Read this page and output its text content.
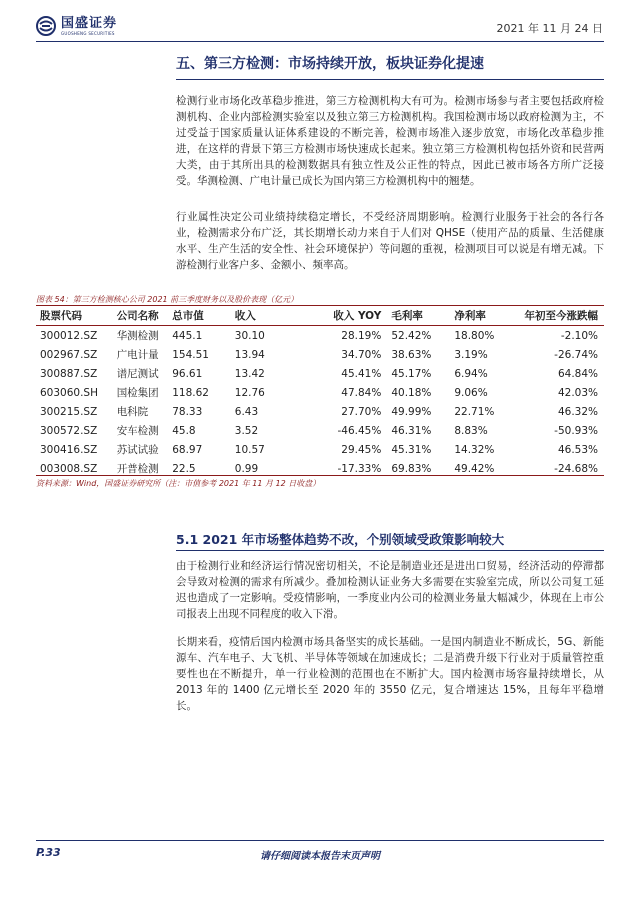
国盛证券
GUOSHENG SECURITIES	2021 年 11 月 24 日
五、第三方检测：市场持续开放，板块证券化提速

检测行业市场化改革稳步推进，第三方检测机构大有可为。检测市场参与者主要包括政府检测机构、企业内部检测实验室以及独立第三方检测机构。我国检测市场以政府检测为主，不过受益于国家质量认证体系建设的不断完善，检测市场准入逐步放宽，市场化改革稳步推进，在这样的背景下第三方检测市场快速成长起来。独立第三方检测机构包括外资和民营两大类，由于其所出具的检测数据具有独立性及公正性的特点，因此已被市场各方所广泛接受。华测检测、广电计量已成长为国内第三方检测机构中的翘楚。

行业属性决定公司业绩持续稳定增长，不受经济周期影响。检测行业服务于社会的各行各业，检测需求分布广泛，其长期增长动力来自于人们对 QHSE（使用产品的质量、生活健康水平、生产生活的安全性、社会环境保护）等问题的重视，检测项目可以说是有增无减。下游检测行业客户多、金额小、频率高。

图表 54：第三方检测核心公司 2021 前三季度财务以及股价表现（亿元）
股票代码	公司名称	总市值	收入	收入 YOY	毛利率	净利率	年初至今涨跌幅
300012.SZ	华测检测	445.1	30.10	28.19%	52.42%	18.80%	-2.10%
002967.SZ	广电计量	154.51	13.94	34.70%	38.63%	3.19%	-26.74%
300887.SZ	谱尼测试	96.61	13.42	45.41%	45.17%	6.94%	64.84%
603060.SH	国检集团	118.62	12.76	47.84%	40.18%	9.06%	42.03%
300215.SZ	电科院	78.33	6.43	27.70%	49.99%	22.71%	46.32%
300572.SZ	安车检测	45.8	3.52	-46.45%	46.31%	8.83%	-50.93%
300416.SZ	苏试试验	68.97	10.57	29.45%	45.31%	14.32%	46.53%
003008.SZ	开普检测	22.5	0.99	-17.33%	69.83%	49.42%	-24.68%
资料来源：Wind，国盛证券研究所（注：市值参考 2021 年 11 月 12 日收盘）
5.1 2021 年市场整体趋势不改，个别领域受政策影响较大

由于检测行业和经济运行情况密切相关，不论是制造业还是进出口贸易，经济活动的停滞都会导致对检测的需求有所减少。叠加检测认证业务大多需要在实验室完成，所以公司复工延迟也造成了一定影响。受疫情影响，一季度业内公司的检测业务量大幅减少，体现在上市公司报表上出现不同程度的收入下滑。

长期来看，疫情后国内检测市场具备坚实的成长基础。一是国内制造业不断成长，5G、新能源车、汽车电子、大飞机、半导体等领域在加速成长；二是消费升级下行业对于质量管控重要性也在不断提升，单一行业检测的范围也在不断扩大。国内检测市场容量持续增长，从 2013 年的 1400 亿元增长至 2020 年的 3550 亿元，复合增速达 15%，且每年平稳增长。

P.33	请仔细阅读本报告末页声明
